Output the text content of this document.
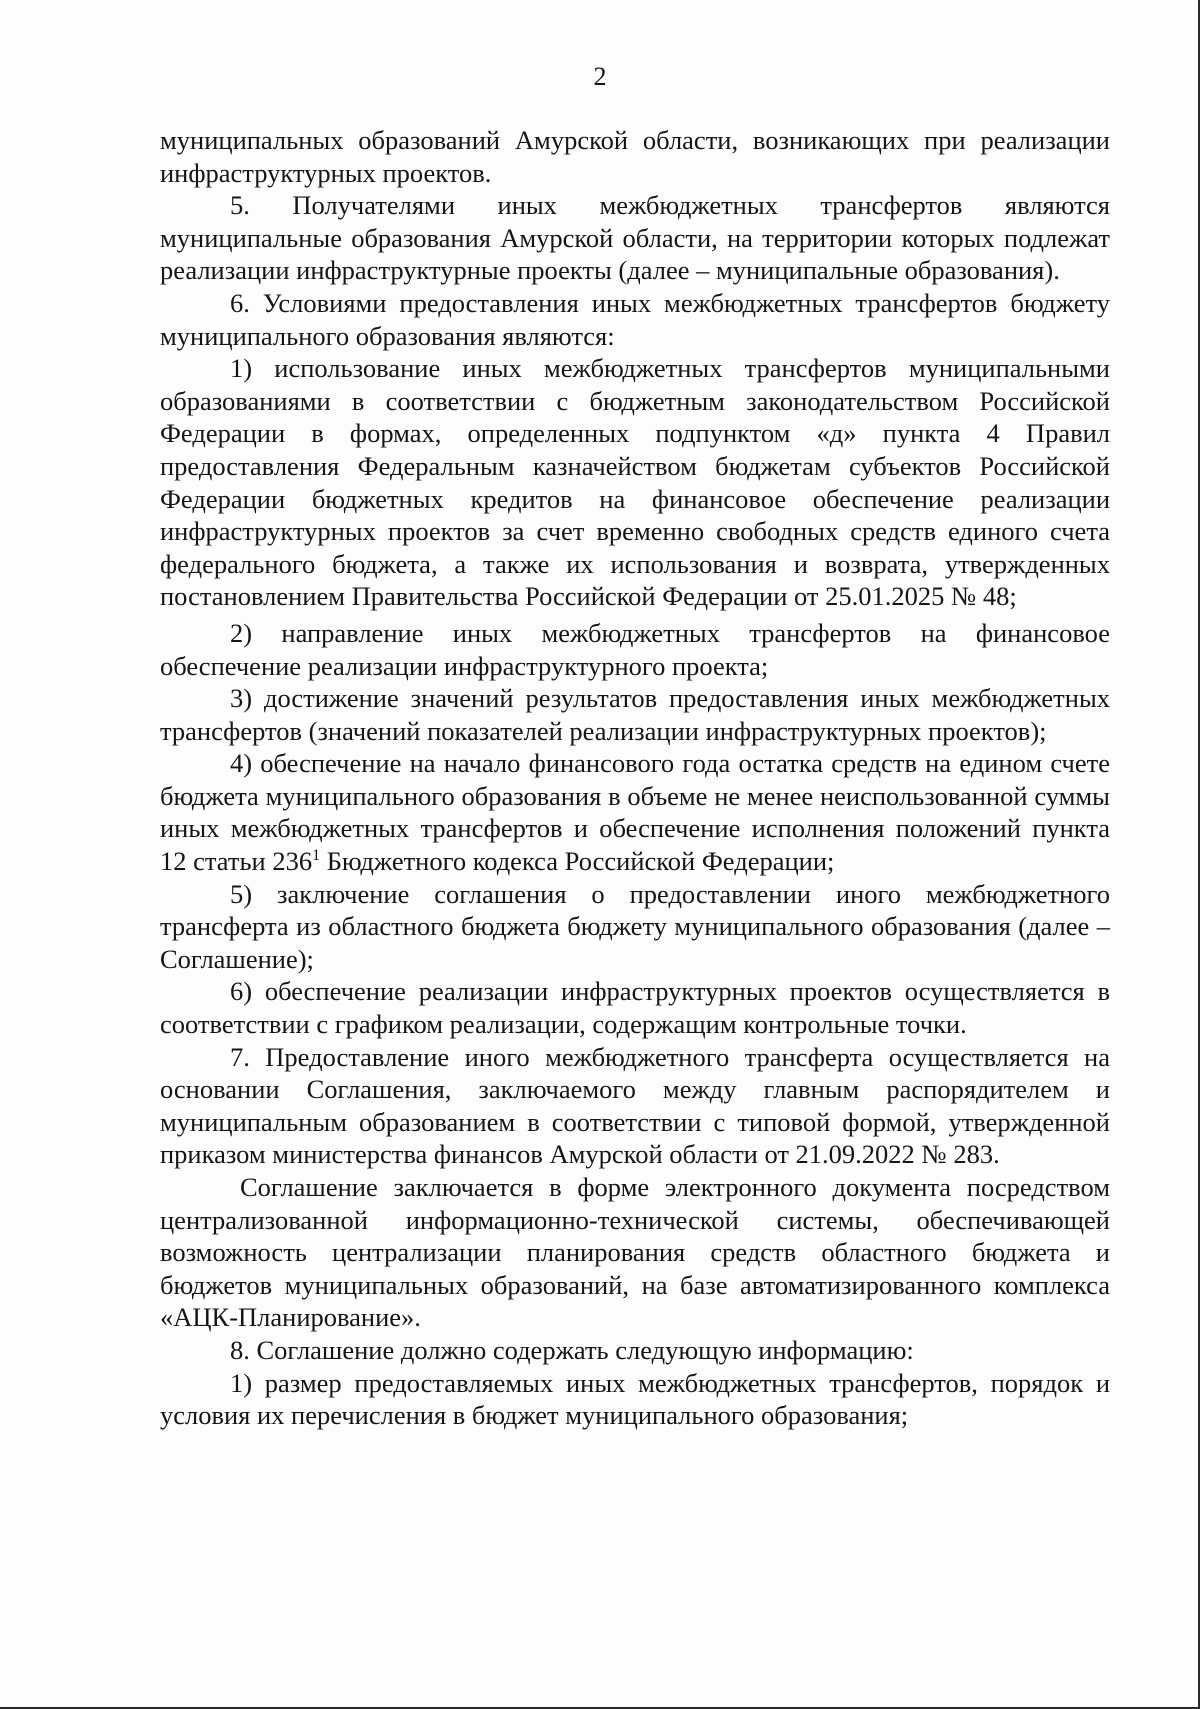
2

муниципальных образований Амурской области, возникающих при реализации инфраструктурных проектов.

5. Получателями иных межбюджетных трансфертов являются муниципальные образования Амурской области, на территории которых подлежат реализации инфраструктурные проекты (далее – муниципальные образования).

6. Условиями предоставления иных межбюджетных трансфертов бюджету муниципального образования являются:

1) использование иных межбюджетных трансфертов муниципальными образованиями в соответствии с бюджетным законодательством Российской Федерации в формах, определенных подпунктом «д» пункта 4 Правил предоставления Федеральным казначейством бюджетам субъектов Российской Федерации бюджетных кредитов на финансовое обеспечение реализации инфраструктурных проектов за счет временно свободных средств единого счета федерального бюджета, а также их использования и возврата, утвержденных постановлением Правительства Российской Федерации от 25.01.2025 № 48;

2) направление иных межбюджетных трансфертов на финансовое обеспечение реализации инфраструктурного проекта;

3) достижение значений результатов предоставления иных межбюджетных трансфертов (значений показателей реализации инфраструктурных проектов);

4) обеспечение на начало финансового года остатка средств на едином счете бюджета муниципального образования в объеме не менее неиспользованной суммы иных межбюджетных трансфертов и обеспечение исполнения положений пункта 12 статьи $236^1$ Бюджетного кодекса Российской Федерации;

5) заключение соглашения о предоставлении иного межбюджетного трансферта из областного бюджета бюджету муниципального образования (далее – Соглашение);

6) обеспечение реализации инфраструктурных проектов осуществляется в соответствии с графиком реализации, содержащим контрольные точки.

7. Предоставление иного межбюджетного трансферта осуществляется на основании Соглашения, заключаемого между главным распорядителем и муниципальным образованием в соответствии с типовой формой, утвержденной приказом министерства финансов Амурской области от 21.09.2022 № 283.

Соглашение заключается в форме электронного документа посредством централизованной информационно-технической системы, обеспечивающей возможность централизации планирования средств областного бюджета и бюджетов муниципальных образований, на базе автоматизированного комплекса «АЦК-Планирование».

8. Соглашение должно содержать следующую информацию:

1) размер предоставляемых иных межбюджетных трансфертов, порядок и условия их перечисления в бюджет муниципального образования;
